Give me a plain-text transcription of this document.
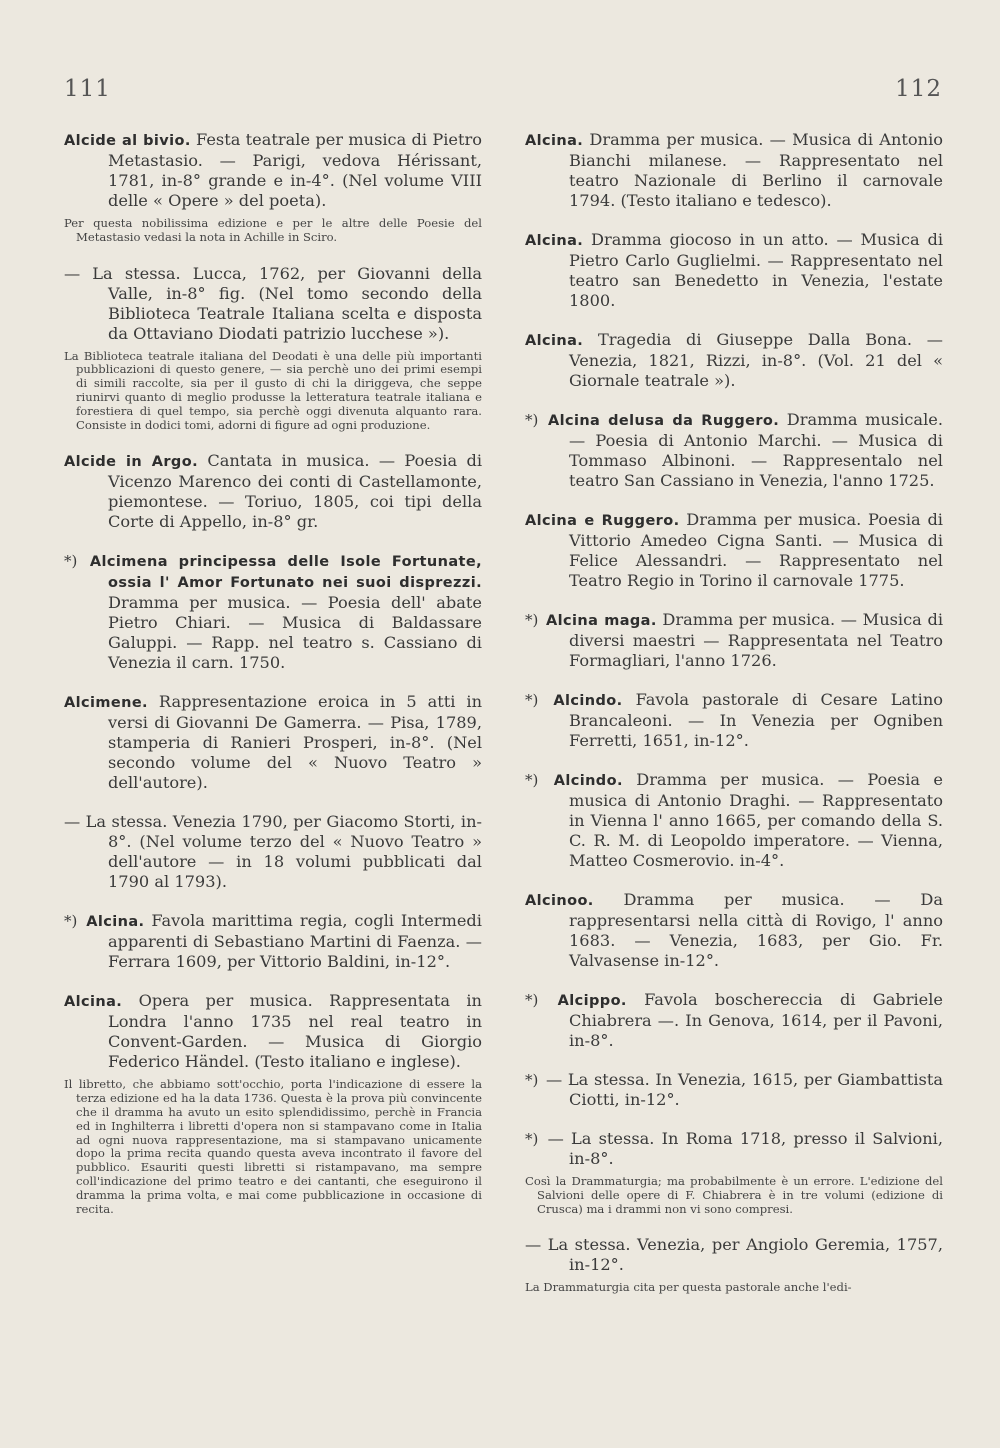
111	112

Alcide al bivio. Festa teatrale per musica di Pietro Metastasio. — Parigi, vedova Hérissant, 1781, in-8° grande e in-4°. (Nel volume VIII delle « Opere » del poeta).

Per questa nobilissima edizione e per le altre delle Poesie del Metastasio vedasi la nota in Achille in Sciro.

— La stessa. Lucca, 1762, per Giovanni della Valle, in-8° fig. (Nel tomo secondo della Biblioteca Teatrale Italiana scelta e disposta da Ottaviano Diodati patrizio lucchese »).

La Biblioteca teatrale italiana del Deodati è una delle più importanti pubblicazioni di questo genere, — sia perchè uno dei primi esempi di simili raccolte, sia per il gusto di chi la diriggeva, che seppe riunirvi quanto di meglio produsse la letteratura teatrale italiana e forestiera di quel tempo, sia perchè oggi divenuta alquanto rara. Consiste in dodici tomi, adorni di figure ad ogni produzione.

Alcide in Argo. Cantata in musica. — Poesia di Vicenzo Marenco dei conti di Castellamonte, piemontese. — Toriuo, 1805, coi tipi della Corte di Appello, in-8° gr.

*) Alcimena principessa delle Isole Fortunate, ossia l' Amor Fortunato nei suoi disprezzi. Dramma per musica. — Poesia dell' abate Pietro Chiari. — Musica di Baldassare Galuppi. — Rapp. nel teatro s. Cassiano di Venezia il carn. 1750.

Alcimene. Rappresentazione eroica in 5 atti in versi di Giovanni De Gamerra. — Pisa, 1789, stamperia di Ranieri Prosperi, in-8°. (Nel secondo volume del « Nuovo Teatro » dell'autore).

— La stessa. Venezia 1790, per Giacomo Storti, in-8°. (Nel volume terzo del « Nuovo Teatro » dell'autore — in 18 volumi pubblicati dal 1790 al 1793).

*) Alcina. Favola marittima regia, cogli Intermedi apparenti di Sebastiano Martini di Faenza. — Ferrara 1609, per Vittorio Baldini, in-12°.

Alcina. Opera per musica. Rappresentata in Londra l'anno 1735 nel real teatro in Convent-Garden. — Musica di Giorgio Federico Händel. (Testo italiano e inglese).

Il libretto, che abbiamo sott'occhio, porta l'indicazione di essere la terza edizione ed ha la data 1736. Questa è la prova più convincente che il dramma ha avuto un esito splendidissimo, perchè in Francia ed in Inghilterra i libretti d'opera non si stampavano come in Italia ad ogni nuova rappresentazione, ma si stampavano unicamente dopo la prima recita quando questa aveva incontrato il favore del pubblico. Esauriti questi libretti si ristampavano, ma sempre coll'indicazione del primo teatro e dei cantanti, che eseguirono il dramma la prima volta, e mai come pubblicazione in occasione di recita.

Alcina. Dramma per musica. — Musica di Antonio Bianchi milanese. — Rappresentato nel teatro Nazionale di Berlino il carnovale 1794. (Testo italiano e tedesco).

Alcina. Dramma giocoso in un atto. — Musica di Pietro Carlo Guglielmi. — Rappresentato nel teatro san Benedetto in Venezia, l'estate 1800.

Alcina. Tragedia di Giuseppe Dalla Bona. — Venezia, 1821, Rizzi, in-8°. (Vol. 21 del « Giornale teatrale »).

*) Alcina delusa da Ruggero. Dramma musicale. — Poesia di Antonio Marchi. — Musica di Tommaso Albinoni. — Rappresentalo nel teatro San Cassiano in Venezia, l'anno 1725.

Alcina e Ruggero. Dramma per musica. Poesia di Vittorio Amedeo Cigna Santi. — Musica di Felice Alessandri. — Rappresentato nel Teatro Regio in Torino il carnovale 1775.

*) Alcina maga. Dramma per musica. — Musica di diversi maestri — Rappresentata nel Teatro Formagliari, l'anno 1726.

*) Alcindo. Favola pastorale di Cesare Latino Brancaleoni. — In Venezia per Ogniben Ferretti, 1651, in-12°.

*) Alcindo. Dramma per musica. — Poesia e musica di Antonio Draghi. — Rappresentato in Vienna l' anno 1665, per comando della S. C. R. M. di Leopoldo imperatore. — Vienna, Matteo Cosmerovio. in-4°.

Alcinoo. Dramma per musica. — Da rappresentarsi nella città di Rovigo, l' anno 1683. — Venezia, 1683, per Gio. Fr. Valvasense in-12°.

*) Alcippo. Favola boschereccia di Gabriele Chiabrera —. In Genova, 1614, per il Pavoni, in-8°.

*) — La stessa. In Venezia, 1615, per Giambattista Ciotti, in-12°.

*) — La stessa. In Roma 1718, presso il Salvioni, in-8°.

Così la Drammaturgia; ma probabilmente è un errore. L'edizione del Salvioni delle opere di F. Chiabrera è in tre volumi (edizione di Crusca) ma i drammi non vi sono compresi.

— La stessa. Venezia, per Angiolo Geremia, 1757, in-12°.

La Drammaturgia cita per questa pastorale anche l'edi-
